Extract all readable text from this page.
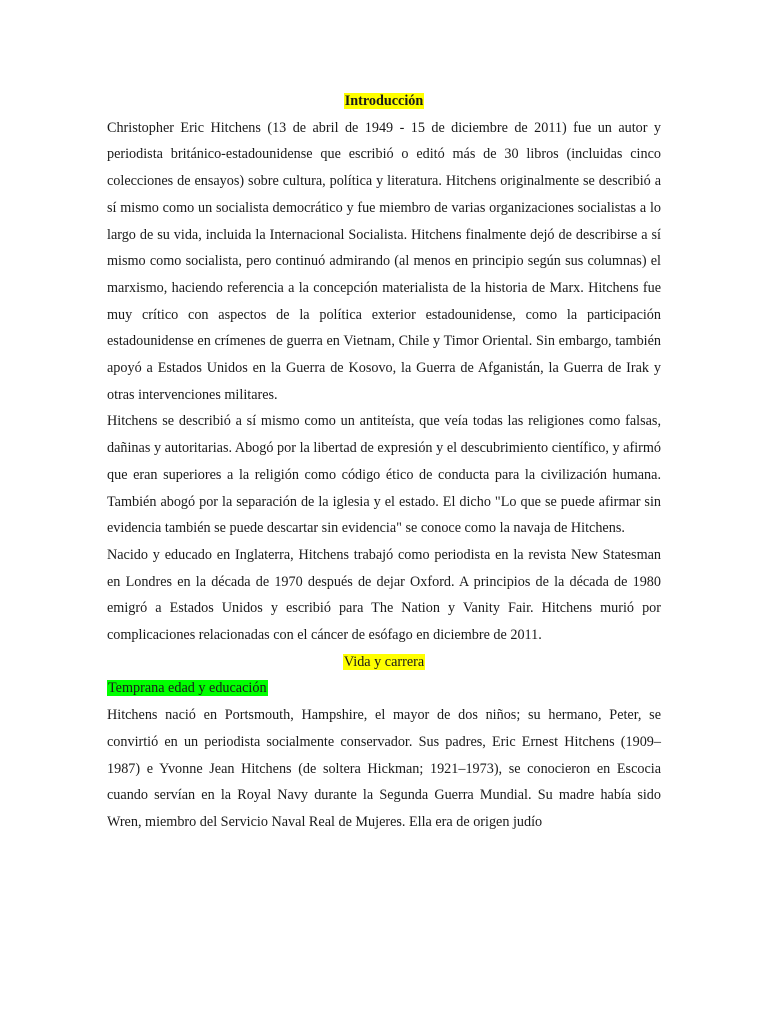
Introducción

Christopher Eric Hitchens (13 de abril de 1949 - 15 de diciembre de 2011) fue un autor y periodista británico-estadounidense que escribió o editó más de 30 libros (incluidas cinco colecciones de ensayos) sobre cultura, política y literatura. Hitchens originalmente se describió a sí mismo como un socialista democrático y fue miembro de varias organizaciones socialistas a lo largo de su vida, incluida la Internacional Socialista. Hitchens finalmente dejó de describirse a sí mismo como socialista, pero continuó admirando (al menos en principio según sus columnas) el marxismo, haciendo referencia a la concepción materialista de la historia de Marx. Hitchens fue muy crítico con aspectos de la política exterior estadounidense, como la participación estadounidense en crímenes de guerra en Vietnam, Chile y Timor Oriental. Sin embargo, también apoyó a Estados Unidos en la Guerra de Kosovo, la Guerra de Afganistán, la Guerra de Irak y otras intervenciones militares.

Hitchens se describió a sí mismo como un antiteísta, que veía todas las religiones como falsas, dañinas y autoritarias. Abogó por la libertad de expresión y el descubrimiento científico, y afirmó que eran superiores a la religión como código ético de conducta para la civilización humana. También abogó por la separación de la iglesia y el estado. El dicho "Lo que se puede afirmar sin evidencia también se puede descartar sin evidencia" se conoce como la navaja de Hitchens.

Nacido y educado en Inglaterra, Hitchens trabajó como periodista en la revista New Statesman en Londres en la década de 1970 después de dejar Oxford. A principios de la década de 1980 emigró a Estados Unidos y escribió para The Nation y Vanity Fair. Hitchens murió por complicaciones relacionadas con el cáncer de esófago en diciembre de 2011.

Vida y carrera

Temprana edad y educación

Hitchens nació en Portsmouth, Hampshire, el mayor de dos niños; su hermano, Peter, se convirtió en un periodista socialmente conservador. Sus padres, Eric Ernest Hitchens (1909–1987) e Yvonne Jean Hitchens (de soltera Hickman; 1921–1973), se conocieron en Escocia cuando servían en la Royal Navy durante la Segunda Guerra Mundial. Su madre había sido Wren, miembro del Servicio Naval Real de Mujeres. Ella era de origen judío
